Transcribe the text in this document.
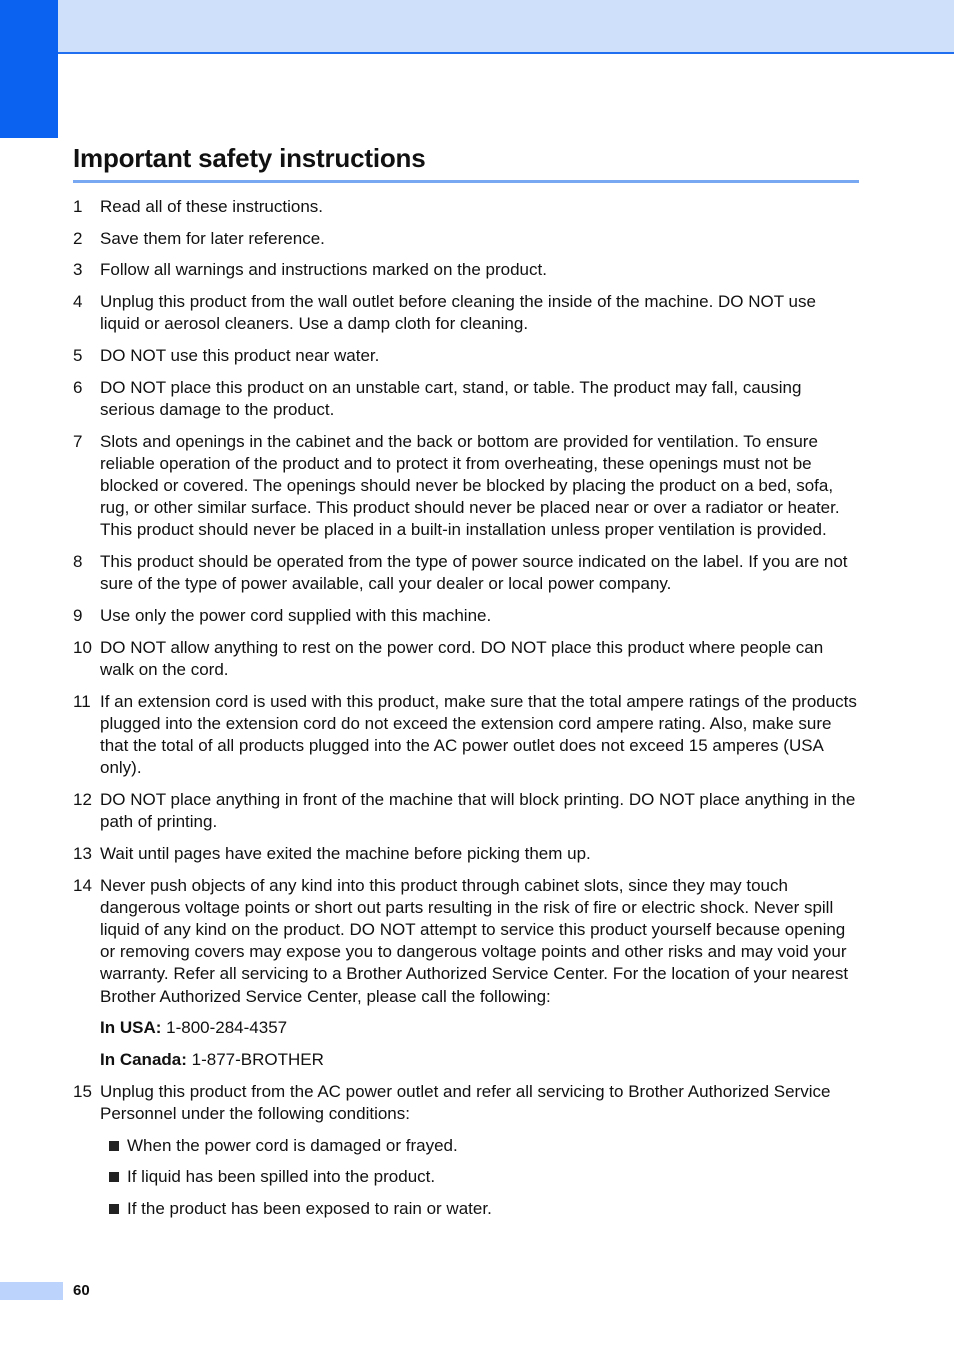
Important safety instructions
1 Read all of these instructions.
2 Save them for later reference.
3 Follow all warnings and instructions marked on the product.
4 Unplug this product from the wall outlet before cleaning the inside of the machine. DO NOT use liquid or aerosol cleaners. Use a damp cloth for cleaning.
5 DO NOT use this product near water.
6 DO NOT place this product on an unstable cart, stand, or table. The product may fall, causing serious damage to the product.
7 Slots and openings in the cabinet and the back or bottom are provided for ventilation. To ensure reliable operation of the product and to protect it from overheating, these openings must not be blocked or covered. The openings should never be blocked by placing the product on a bed, sofa, rug, or other similar surface. This product should never be placed near or over a radiator or heater. This product should never be placed in a built-in installation unless proper ventilation is provided.
8 This product should be operated from the type of power source indicated on the label. If you are not sure of the type of power available, call your dealer or local power company.
9 Use only the power cord supplied with this machine.
10 DO NOT allow anything to rest on the power cord. DO NOT place this product where people can walk on the cord.
11 If an extension cord is used with this product, make sure that the total ampere ratings of the products plugged into the extension cord do not exceed the extension cord ampere rating. Also, make sure that the total of all products plugged into the AC power outlet does not exceed 15 amperes (USA only).
12 DO NOT place anything in front of the machine that will block printing. DO NOT place anything in the path of printing.
13 Wait until pages have exited the machine before picking them up.
14 Never push objects of any kind into this product through cabinet slots, since they may touch dangerous voltage points or short out parts resulting in the risk of fire or electric shock. Never spill liquid of any kind on the product. DO NOT attempt to service this product yourself because opening or removing covers may expose you to dangerous voltage points and other risks and may void your warranty. Refer all servicing to a Brother Authorized Service Center. For the location of your nearest Brother Authorized Service Center, please call the following:
In USA: 1-800-284-4357
In Canada: 1-877-BROTHER
15 Unplug this product from the AC power outlet and refer all servicing to Brother Authorized Service Personnel under the following conditions:
When the power cord is damaged or frayed.
If liquid has been spilled into the product.
If the product has been exposed to rain or water.
60
